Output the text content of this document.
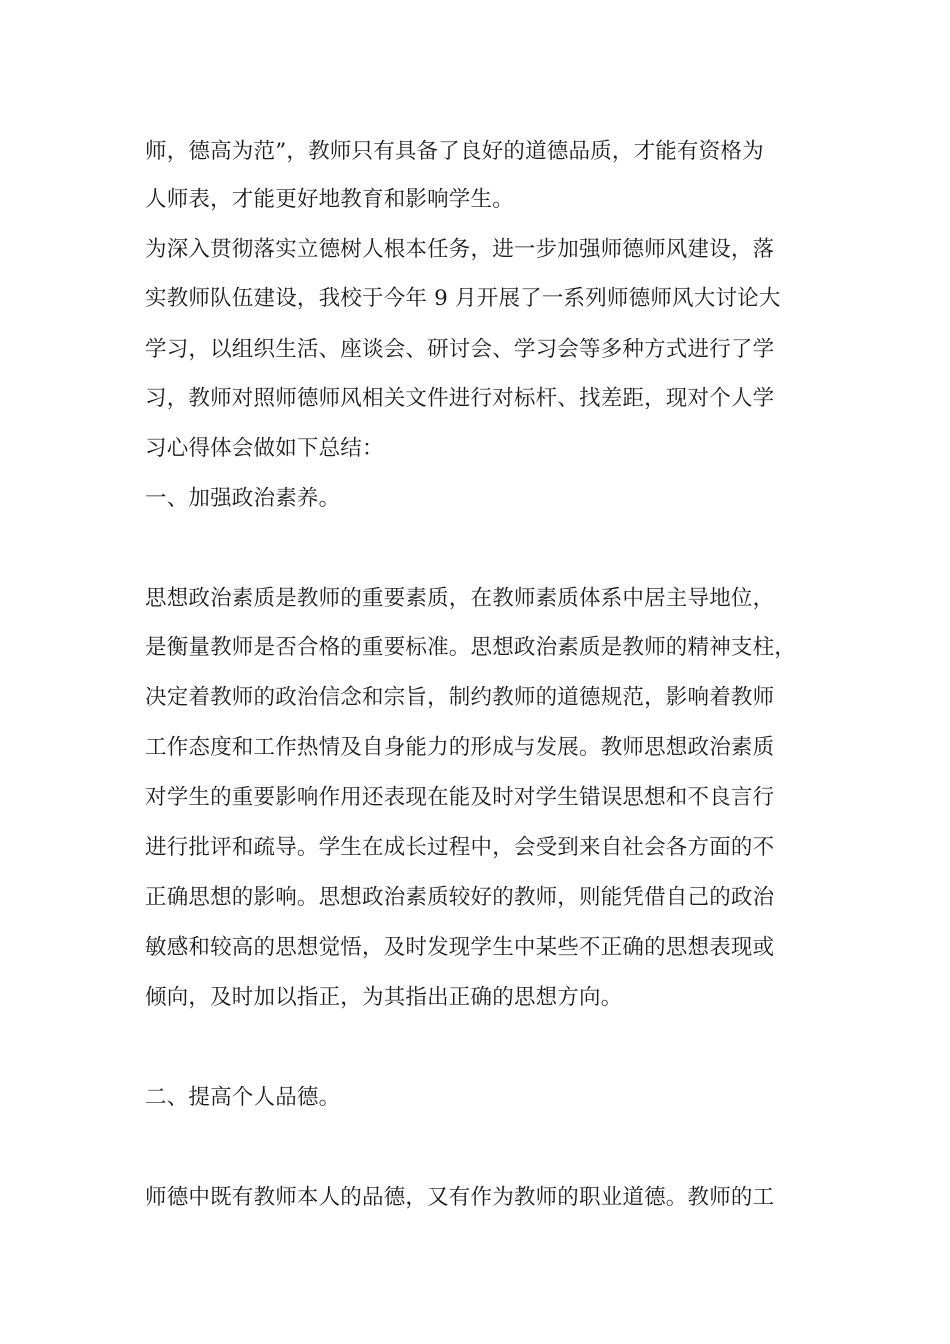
师，德高为范”，教师只有具备了良好的道德品质，才能有资格为
人师表，才能更好地教育和影响学生。
为深入贯彻落实立德树人根本任务，进一步加强师德师风建设，落
实教师队伍建设，我校于今年 9 月开展了一系列师德师风大讨论大
学习，以组织生活、座谈会、研讨会、学习会等多种方式进行了学
习，教师对照师德师风相关文件进行对标杆、找差距，现对个人学
习心得体会做如下总结：
一、加强政治素养。
思想政治素质是教师的重要素质，在教师素质体系中居主导地位，
是衡量教师是否合格的重要标准。思想政治素质是教师的精神支柱，
决定着教师的政治信念和宗旨，制约教师的道德规范，影响着教师
工作态度和工作热情及自身能力的形成与发展。教师思想政治素质
对学生的重要影响作用还表现在能及时对学生错误思想和不良言行
进行批评和疏导。学生在成长过程中，会受到来自社会各方面的不
正确思想的影响。思想政治素质较好的教师，则能凭借自己的政治
敏感和较高的思想觉悟，及时发现学生中某些不正确的思想表现或
倾向，及时加以指正，为其指出正确的思想方向。
二、提高个人品德。
师德中既有教师本人的品德，又有作为教师的职业道德。教师的工
